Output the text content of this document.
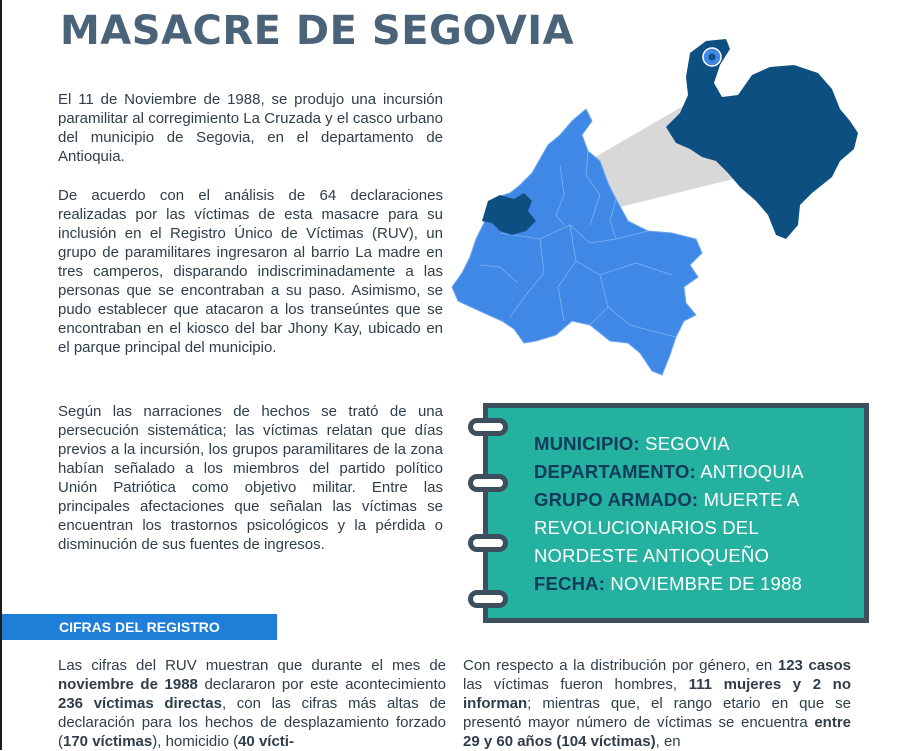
MASACRE DE SEGOVIA

El 11 de Noviembre de 1988, se produjo una incursión paramilitar al corregimiento La Cruzada y el casco urbano del municipio de Segovia, en el departamento de Antioquia.

De acuerdo con el análisis de 64 declaraciones realizadas por las víctimas de esta masacre para su inclusión en el Registro Único de Víctimas (RUV), un grupo de paramilitares ingresaron al barrio La madre en tres camperos, disparando indiscriminadamente a las personas que se encontraban a su paso. Asimismo, se pudo establecer que atacaron a los transeúntes que se encontraban en el kiosco del bar Jhony Kay, ubicado en el parque principal del municipio.

Según las narraciones de hechos se trató de una persecución sistemática; las víctimas relatan que días previos a la incursión, los grupos paramilitares de la zona habían señalado a los miembros del partido político Unión Patriótica como objetivo militar. Entre las principales afectaciones que señalan las víctimas se encuentran los trastornos psicológicos y la pérdida o disminución de sus fuentes de ingresos.

MUNICIPIO: SEGOVIA
DEPARTAMENTO: ANTIOQUIA
GRUPO ARMADO: MUERTE A REVOLUCIONARIOS DEL NORDESTE ANTIOQUEÑO
FECHA: NOVIEMBRE DE 1988
CIFRAS DEL REGISTRO

Las cifras del RUV muestran que durante el mes de noviembre de 1988 declararon por este acontecimiento 236 víctimas directas, con las cifras más altas de declaración para los hechos de desplazamiento forzado (170 víctimas), homicidio (40 vícti-

Con respecto a la distribución por género, en 123 casos las víctimas fueron hombres, 111 mujeres y 2 no informan; mientras que, el rango etario en que se presentó mayor número de víctimas se encuentra entre 29 y 60 años (104 víctimas), en
